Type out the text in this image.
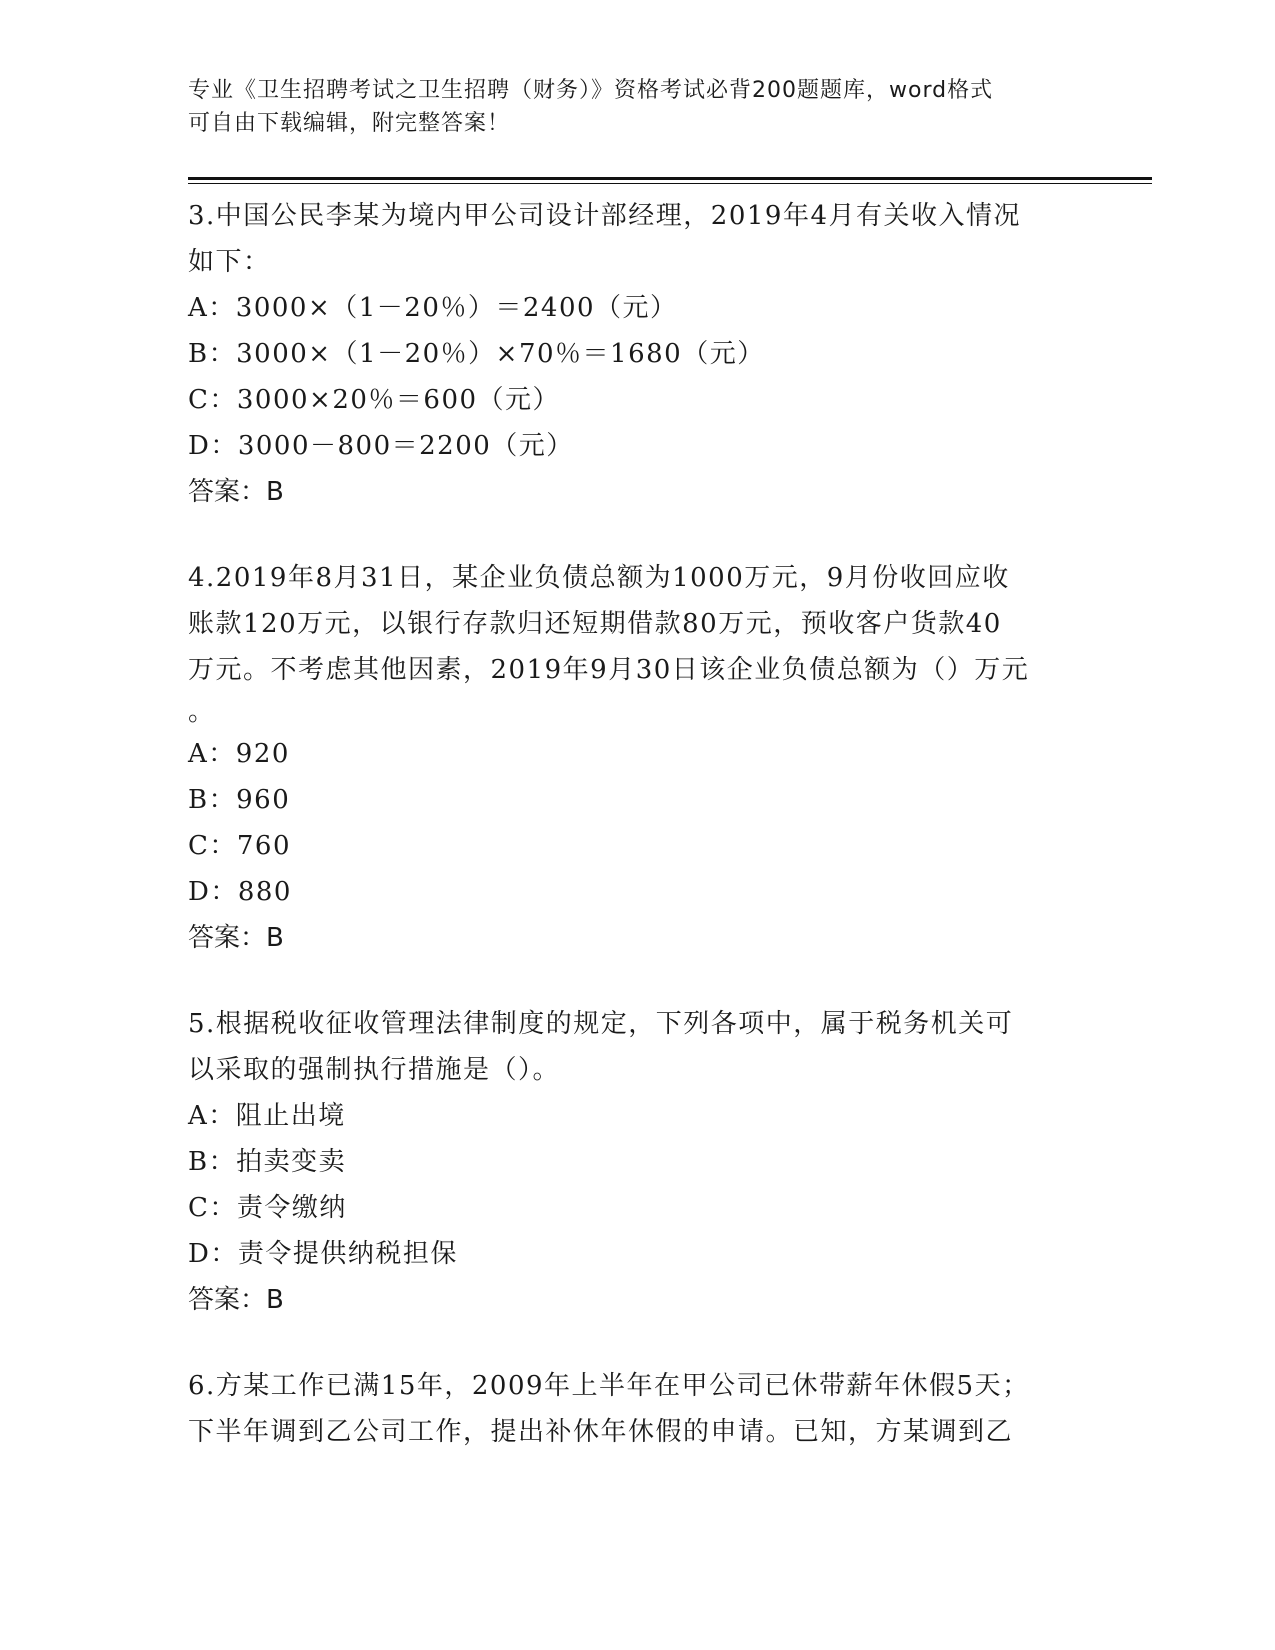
专业《卫生招聘考试之卫生招聘（财务）》资格考试必背200题题库，word格式
可自由下载编辑，附完整答案！
3.中国公民李某为境内甲公司设计部经理，2019年4月有关收入情况
如下：
A：3000×（1－20％）＝2400（元）
B：3000×（1－20％）×70％＝1680（元）
C：3000×20％＝600（元）
D：3000－800＝2200（元）
答案：B
4.2019年8月31日，某企业负债总额为1000万元，9月份收回应收
账款120万元，以银行存款归还短期借款80万元，预收客户货款40
万元。不考虑其他因素，2019年9月30日该企业负债总额为（）万元
。
A：920
B：960
C：760
D：880
答案：B
5.根据税收征收管理法律制度的规定，下列各项中，属于税务机关可
以采取的强制执行措施是（）。
A：阻止出境
B：拍卖变卖
C：责令缴纳
D：责令提供纳税担保
答案：B
6.方某工作已满15年，2009年上半年在甲公司已休带薪年休假5天；
下半年调到乙公司工作，提出补休年休假的申请。已知，方某调到乙
